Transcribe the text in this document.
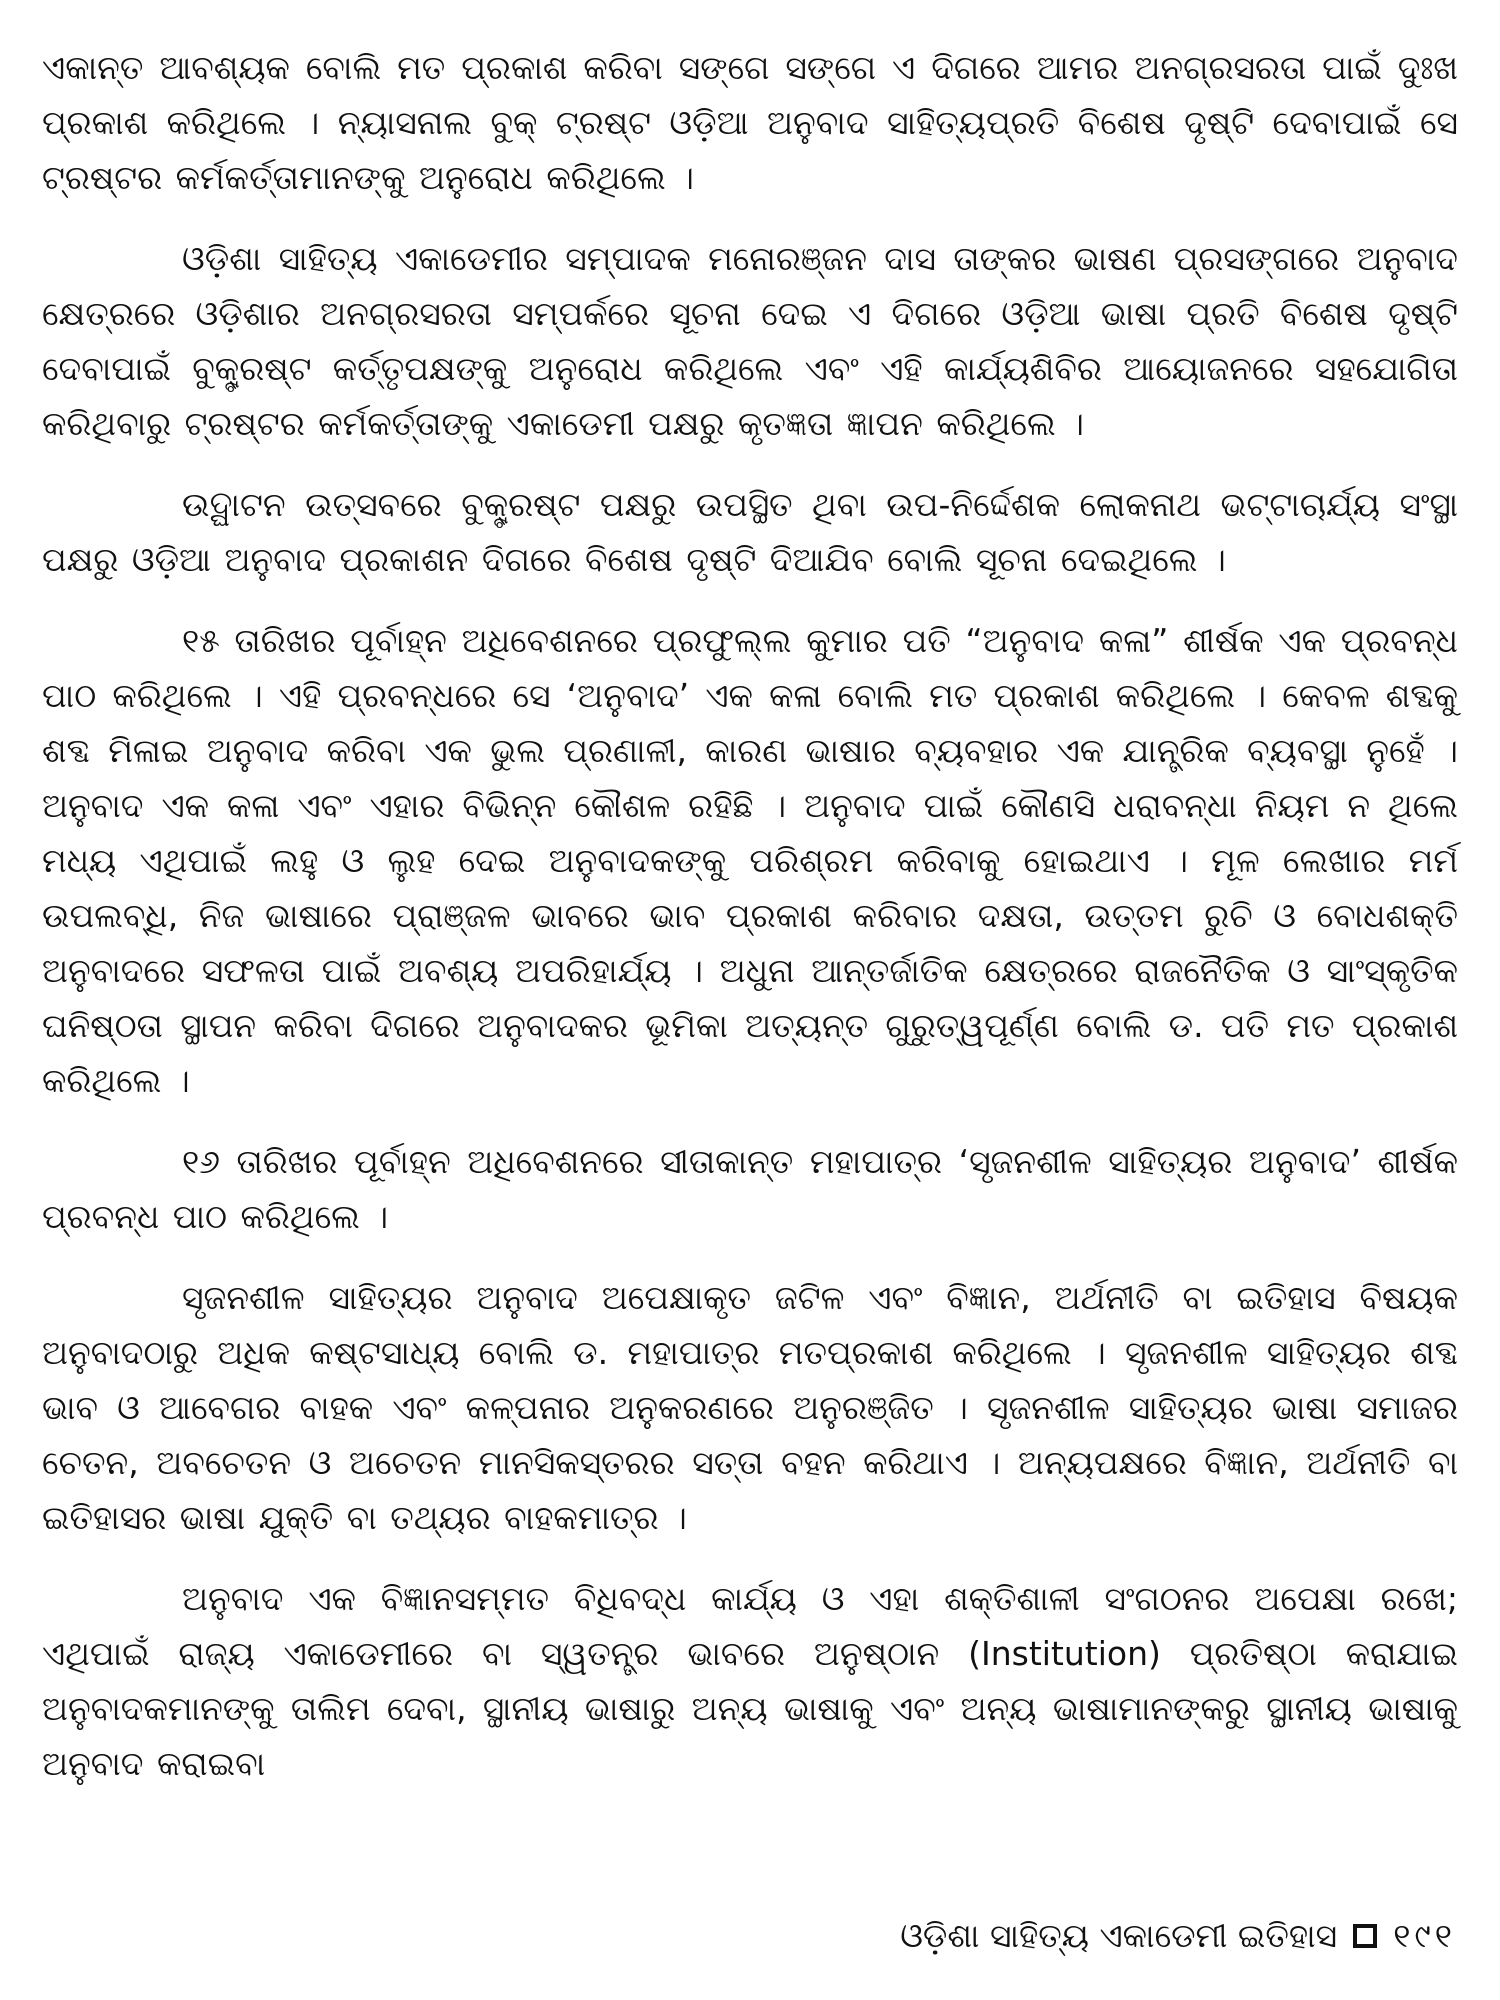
ଏକାନ୍ତ ଆବଶ୍ୟକ ବୋଲି ମତ ପ୍ରକାଶ କରିବା ସଙ୍ଗେ ସଙ୍ଗେ ଏ ଦିଗରେ ଆମର ଅନଗ୍ରସରତା ପାଇଁ ଦୁଃଖ ପ୍ରକାଶ କରିଥିଲେ । ନ୍ୟାସନାଲ ବୁକ୍ ଟ୍ରଷ୍ଟ ଓଡ଼ିଆ ଅନୁବାଦ ସାହିତ୍ୟପ୍ରତି ବିଶେଷ ଦୃଷ୍ଟି ଦେବାପାଇଁ ସେ ଟ୍ରଷ୍ଟର କର୍ମକର୍ତ୍ତାମାନଙ୍କୁ ଅନୁରୋଧ କରିଥିଲେ ।

ଓଡ଼ିଶା ସାହିତ୍ୟ ଏକାଡେମୀର ସମ୍ପାଦକ ମନୋରଞ୍ଜନ ଦାସ ତାଙ୍କର ଭାଷଣ ପ୍ରସଙ୍ଗରେ ଅନୁବାଦ କ୍ଷେତ୍ରରେ ଓଡ଼ିଶାର ଅନଗ୍ରସରତା ସମ୍ପର୍କରେ ସୂଚନା ଦେଇ ଏ ଦିଗରେ ଓଡ଼ିଆ ଭାଷା ପ୍ରତି ବିଶେଷ ଦୃଷ୍ଟି ଦେବାପାଇଁ ବୁକ୍ଟ୍ରଷ୍ଟ କର୍ତ୍ତୃପକ୍ଷଙ୍କୁ ଅନୁରୋଧ କରିଥିଲେ ଏବଂ ଏହି କାର୍ଯ୍ୟଶିବିର ଆୟୋଜନରେ ସହଯୋଗିତା କରିଥିବାରୁ ଟ୍ରଷ୍ଟର କର୍ମକର୍ତ୍ତାଙ୍କୁ ଏକାଡେମୀ ପକ୍ଷରୁ କୃତଜ୍ଞତା ଜ୍ଞାପନ କରିଥିଲେ ।

ଉଦ୍ଘାଟନ ଉତ୍ସବରେ ବୁକ୍ଟ୍ରଷ୍ଟ ପକ୍ଷରୁ ଉପସ୍ଥିତ ଥିବା ଉପ-ନିର୍ଦ୍ଦେଶକ ଲୋକନାଥ ଭଟ୍ଟାଚାର୍ଯ୍ୟ ସଂସ୍ଥା ପକ୍ଷରୁ ଓଡ଼ିଆ ଅନୁବାଦ ପ୍ରକାଶନ ଦିଗରେ ବିଶେଷ ଦୃଷ୍ଟି ଦିଆଯିବ ବୋଲି ସୂଚନା ଦେଇଥିଲେ ।

୧୫ ତାରିଖର ପୂର୍ବାହ୍ନ ଅଧିବେଶନରେ ପ୍ରଫୁଲ୍ଲ କୁମାର ପତି “ଅନୁବାଦ କଳା” ଶୀର୍ଷକ ଏକ ପ୍ରବନ୍ଧ ପାଠ କରିଥିଲେ । ଏହି ପ୍ରବନ୍ଧରେ ସେ ‘ଅନୁବାଦ’ ଏକ କଳା ବୋଲି ମତ ପ୍ରକାଶ କରିଥିଲେ । କେବଳ ଶବ୍ଦକୁ ଶବ୍ଦ ମିଳାଇ ଅନୁବାଦ କରିବା ଏକ ଭୁଲ ପ୍ରଣାଳୀ, କାରଣ ଭାଷାର ବ୍ୟବହାର ଏକ ଯାନ୍ତ୍ରିକ ବ୍ୟବସ୍ଥା ନୁହେଁ । ଅନୁବାଦ ଏକ କଳା ଏବଂ ଏହାର ବିଭିନ୍ନ କୌଶଳ ରହିଛି । ଅନୁବାଦ ପାଇଁ କୌଣସି ଧରାବନ୍ଧା ନିୟମ ନ ଥିଲେ ମଧ୍ୟ ଏଥିପାଇଁ ଲହୁ ଓ ଲୁହ ଦେଇ ଅନୁବାଦକଙ୍କୁ ପରିଶ୍ରମ କରିବାକୁ ହୋଇଥାଏ । ମୂଳ ଲେଖାର ମର୍ମ ଉପଲବ୍ଧି, ନିଜ ଭାଷାରେ ପ୍ରାଞ୍ଜଳ ଭାବରେ ଭାବ ପ୍ରକାଶ କରିବାର ଦକ୍ଷତା, ଉତ୍ତମ ରୁଚି ଓ ବୋଧଶକ୍ତି ଅନୁବାଦରେ ସଫଳତା ପାଇଁ ଅବଶ୍ୟ ଅପରିହାର୍ଯ୍ୟ । ଅଧୁନା ଆନ୍ତର୍ଜାତିକ କ୍ଷେତ୍ରରେ ରାଜନୈତିକ ଓ ସାଂସ୍କୃତିକ ଘନିଷ୍ଠତା ସ୍ଥାପନ କରିବା ଦିଗରେ ଅନୁବାଦକର ଭୂମିକା ଅତ୍ୟନ୍ତ ଗୁରୁତ୍ୱପୂର୍ଣ୍ଣ ବୋଲି ଡ. ପତି ମତ ପ୍ରକାଶ କରିଥିଲେ ।

୧୬ ତାରିଖର ପୂର୍ବାହ୍ନ ଅଧିବେଶନରେ ସୀତାକାନ୍ତ ମହାପାତ୍ର ‘ସୃଜନଶୀଳ ସାହିତ୍ୟର ଅନୁବାଦ’ ଶୀର୍ଷକ ପ୍ରବନ୍ଧ ପାଠ କରିଥିଲେ ।

ସୃଜନଶୀଳ ସାହିତ୍ୟର ଅନୁବାଦ ଅପେକ୍ଷାକୃତ ଜଟିଳ ଏବଂ ବିଜ୍ଞାନ, ଅର୍ଥନୀତି ବା ଇତିହାସ ବିଷୟକ ଅନୁବାଦଠାରୁ ଅଧିକ କଷ୍ଟସାଧ୍ୟ ବୋଲି ଡ. ମହାପାତ୍ର ମତପ୍ରକାଶ କରିଥିଲେ । ସୃଜନଶୀଳ ସାହିତ୍ୟର ଶବ୍ଦ ଭାବ ଓ ଆବେଗର ବାହକ ଏବଂ କଳ୍ପନାର ଅନୁକରଣରେ ଅନୁରଞ୍ଜିତ । ସୃଜନଶୀଳ ସାହିତ୍ୟର ଭାଷା ସମାଜର ଚେତନ, ଅବଚେତନ ଓ ଅଚେତନ ମାନସିକସ୍ତରର ସତ୍ତା ବହନ କରିଥାଏ । ଅନ୍ୟପକ୍ଷରେ ବିଜ୍ଞାନ, ଅର୍ଥନୀତି ବା ଇତିହାସର ଭାଷା ଯୁକ୍ତି ବା ତଥ୍ୟର ବାହକମାତ୍ର ।

ଅନୁବାଦ ଏକ ବିଜ୍ଞାନସମ୍ମତ ବିଧିବଦ୍ଧ କାର୍ଯ୍ୟ ଓ ଏହା ଶକ୍ତିଶାଳୀ ସଂଗଠନର ଅପେକ୍ଷା ରଖେ; ଏଥିପାଇଁ ରାଜ୍ୟ ଏକାଡେମୀରେ ବା ସ୍ୱତନ୍ତ୍ର ଭାବରେ ଅନୁଷ୍ଠାନ (Institution) ପ୍ରତିଷ୍ଠା କରାଯାଇ ଅନୁବାଦକମାନଙ୍କୁ ତାଲିମ ଦେବା, ସ୍ଥାନୀୟ ଭାଷାରୁ ଅନ୍ୟ ଭାଷାକୁ ଏବଂ ଅନ୍ୟ ଭାଷାମାନଙ୍କରୁ ସ୍ଥାନୀୟ ଭାଷାକୁ ଅନୁବାଦ କରାଇବା

ଓଡ଼ିଶା ସାହିତ୍ୟ ଏକାଡେମୀ ଇତିହାସ ୧୯୧
